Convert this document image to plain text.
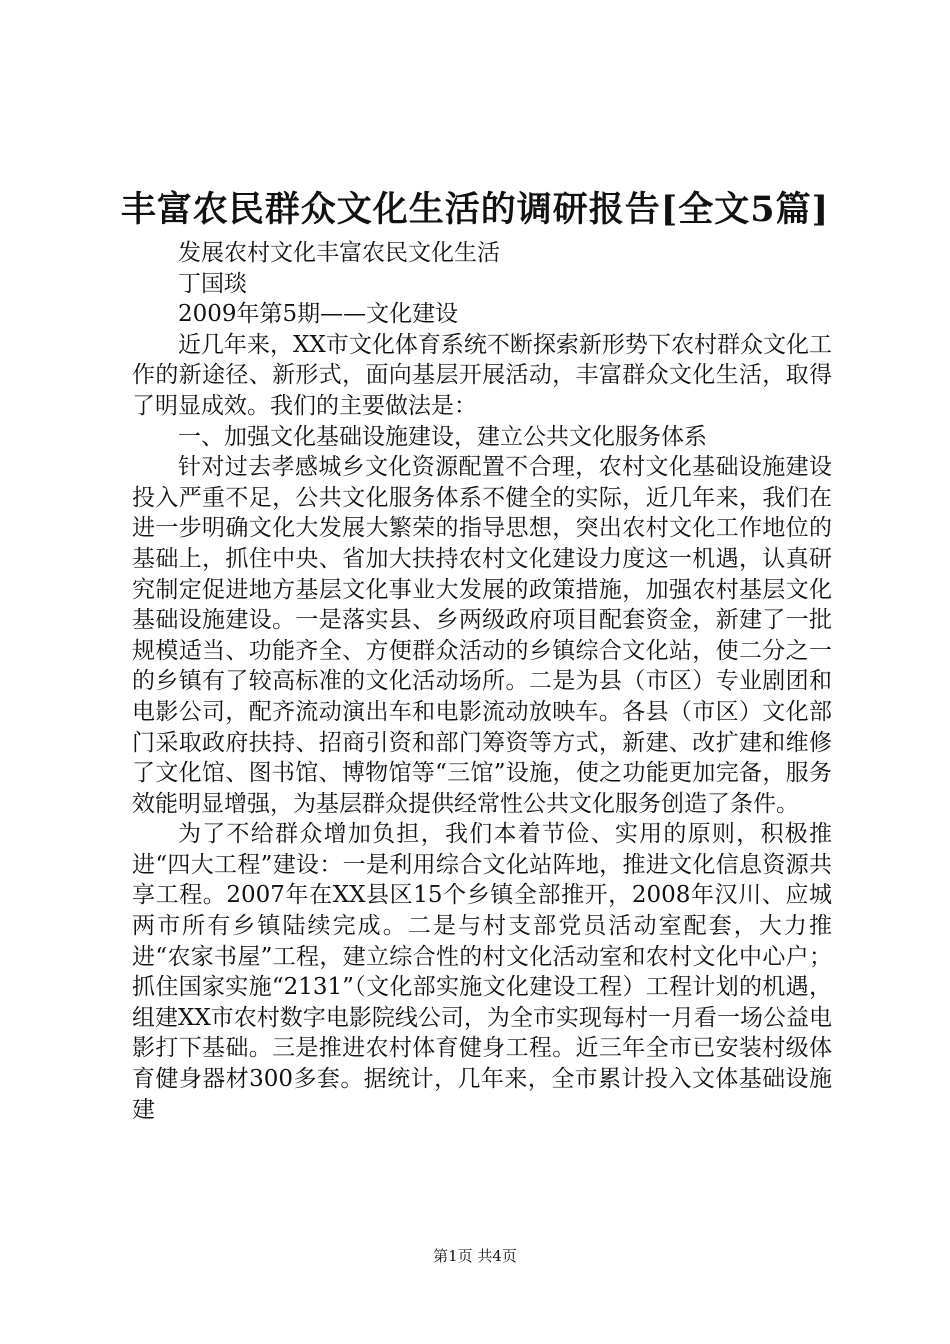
丰富农民群众文化生活的调研报告[全文5篇]

发展农村文化丰富农民文化生活

丁国琰

2009年第5期——文化建设

近几年来，XX市文化体育系统不断探索新形势下农村群众文化工作的新途径、新形式，面向基层开展活动，丰富群众文化生活，取得了明显成效。我们的主要做法是：

一、加强文化基础设施建设，建立公共文化服务体系

针对过去孝感城乡文化资源配置不合理，农村文化基础设施建设投入严重不足，公共文化服务体系不健全的实际，近几年来，我们在进一步明确文化大发展大繁荣的指导思想，突出农村文化工作地位的基础上，抓住中央、省加大扶持农村文化建设力度这一机遇，认真研究制定促进地方基层文化事业大发展的政策措施，加强农村基层文化基础设施建设。一是落实县、乡两级政府项目配套资金，新建了一批规模适当、功能齐全、方便群众活动的乡镇综合文化站，使二分之一的乡镇有了较高标准的文化活动场所。二是为县（市区）专业剧团和电影公司，配齐流动演出车和电影流动放映车。各县（市区）文化部门采取政府扶持、招商引资和部门筹资等方式，新建、改扩建和维修了文化馆、图书馆、博物馆等“三馆”设施，使之功能更加完备，服务效能明显增强，为基层群众提供经常性公共文化服务创造了条件。

为了不给群众增加负担，我们本着节俭、实用的原则，积极推进“四大工程”建设：一是利用综合文化站阵地，推进文化信息资源共享工程。2007年在XX县区15个乡镇全部推开，2008年汉川、应城两市所有乡镇陆续完成。二是与村支部党员活动室配套，大力推进“农家书屋”工程，建立综合性的村文化活动室和农村文化中心户；抓住国家实施“2131”（文化部实施文化建设工程）工程计划的机遇，组建XX市农村数字电影院线公司，为全市实现每村一月看一场公益电影打下基础。三是推进农村体育健身工程。近三年全市已安装村级体育健身器材300多套。据统计，几年来，全市累计投入文体基础设施建

第1页 共4页
